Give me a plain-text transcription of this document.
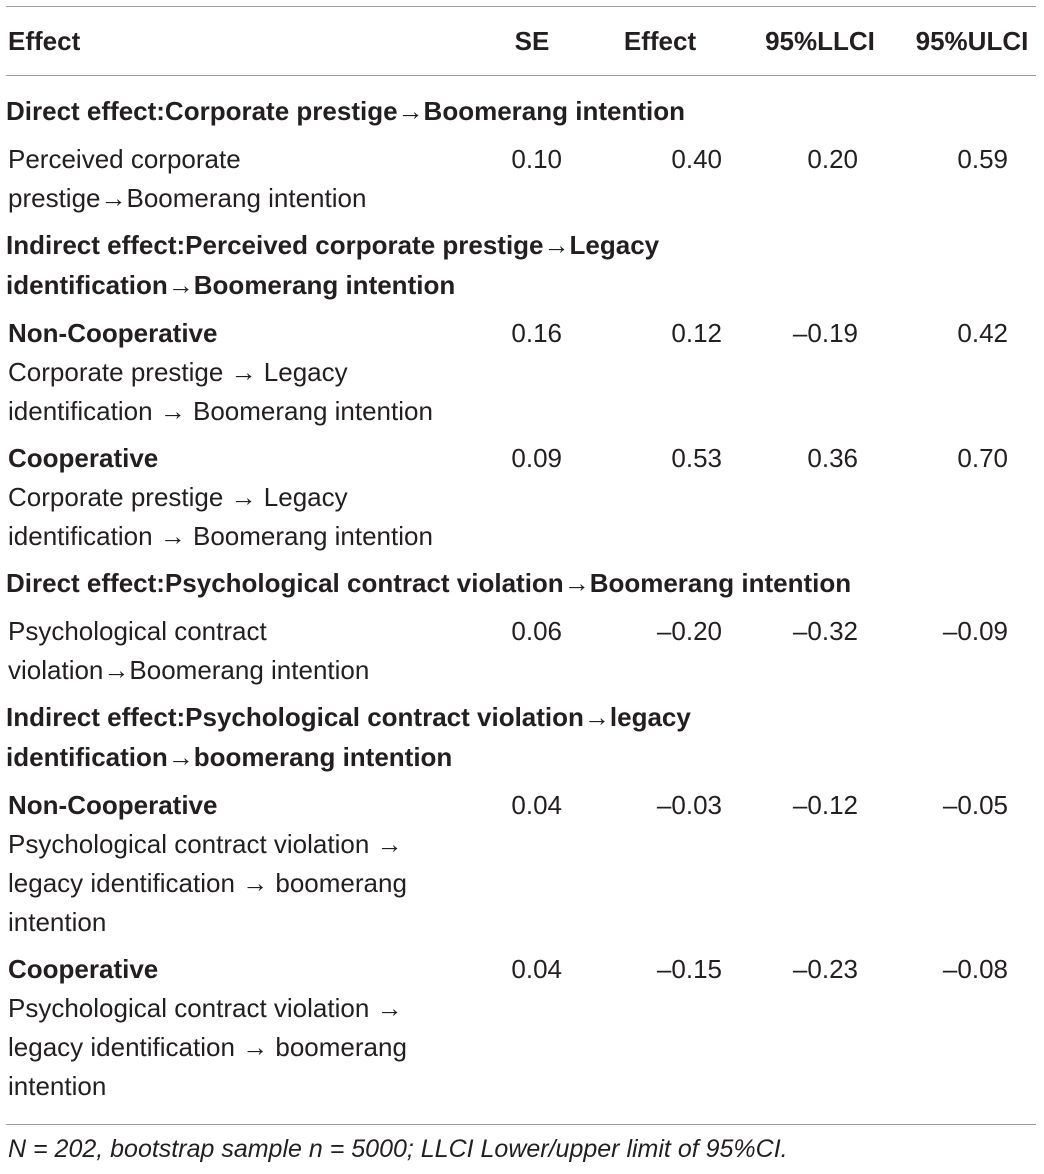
Effect	SE	Effect	95%LLCI	95%ULCI
Direct effect:Corporate prestige→Boomerang intention
Perceived corporate
prestige→Boomerang intention
0.10	0.40	0.20	0.59
Indirect effect:Perceived corporate prestige→Legacy
identification→Boomerang intention
Non-Cooperative
Corporate prestige → Legacy
identification → Boomerang intention
0.16	0.12	–0.19	0.42
Cooperative
Corporate prestige → Legacy
identification → Boomerang intention
0.09	0.53	0.36	0.70
Direct effect:Psychological contract violation→Boomerang intention
Psychological contract
violation→Boomerang intention
0.06	–0.20	–0.32	–0.09
Indirect effect:Psychological contract violation→legacy
identification→boomerang intention
Non-Cooperative
Psychological contract violation →
legacy identification → boomerang
intention
0.04	–0.03	–0.12	–0.05
Cooperative
Psychological contract violation →
legacy identification → boomerang
intention
0.04	–0.15	–0.23	–0.08
N = 202, bootstrap sample n = 5000; LLCI Lower/upper limit of 95%CI.
